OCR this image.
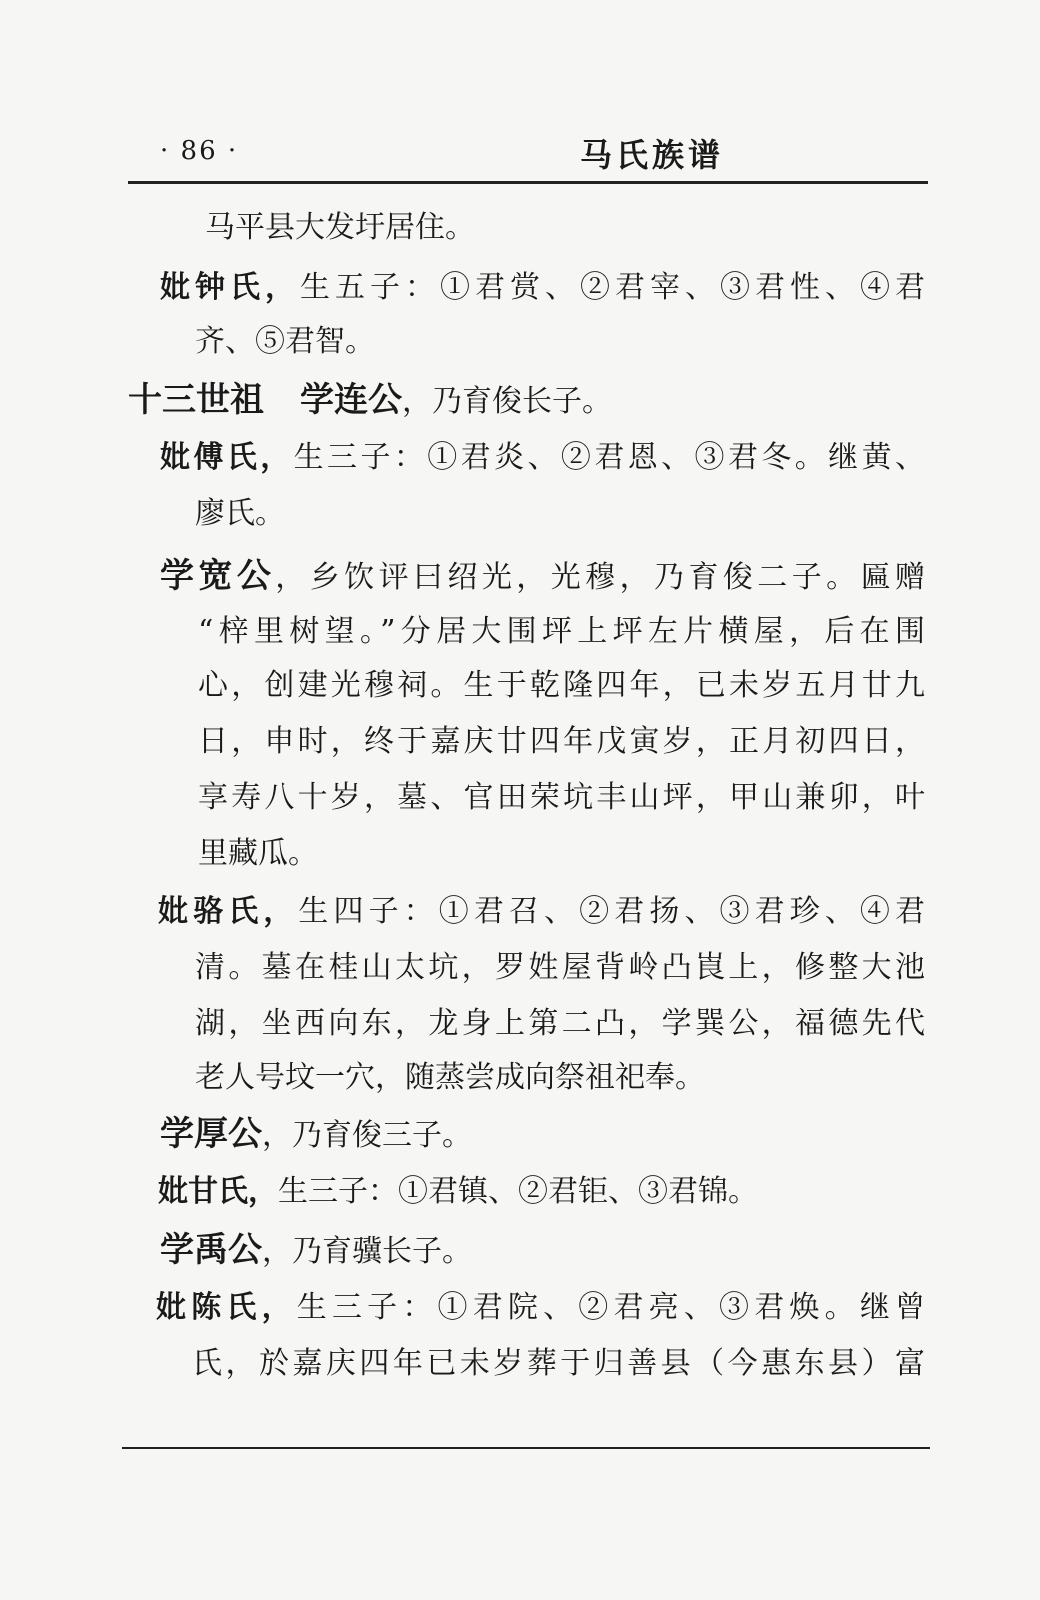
· 86 ·	马氏族谱
马平县大发圩居住。
妣钟氏，生五子：①君赏、②君宰、③君性、④君
齐、⑤君智。
十三世祖 学连公，乃育俊长子。
妣傅氏，生三子：①君炎、②君恩、③君冬。继黄、
廖氏。
学宽公，乡饮评曰绍光，光穆，乃育俊二子。匾赠
“梓里树望。”分居大围坪上坪左片横屋，后在围
心，创建光穆祠。生于乾隆四年，已未岁五月廿九
日，申时，终于嘉庆廿四年戊寅岁，正月初四日，
享寿八十岁，墓、官田荣坑丰山坪，甲山兼卯，叶
里藏瓜。
妣骆氏，生四子：①君召、②君扬、③君珍、④君
清。墓在桂山太坑，罗姓屋背岭凸崀上，修整大池
湖，坐西向东，龙身上第二凸，学巽公，福德先代
老人号坟一穴，随蒸尝成向祭祖祀奉。
学厚公，乃育俊三子。
妣甘氏，生三子：①君镇、②君钜、③君锦。
学禹公，乃育骥长子。
妣陈氏，生三子：①君院、②君亮、③君焕。继曾
氏，於嘉庆四年已未岁葬于归善县（今惠东县）富
